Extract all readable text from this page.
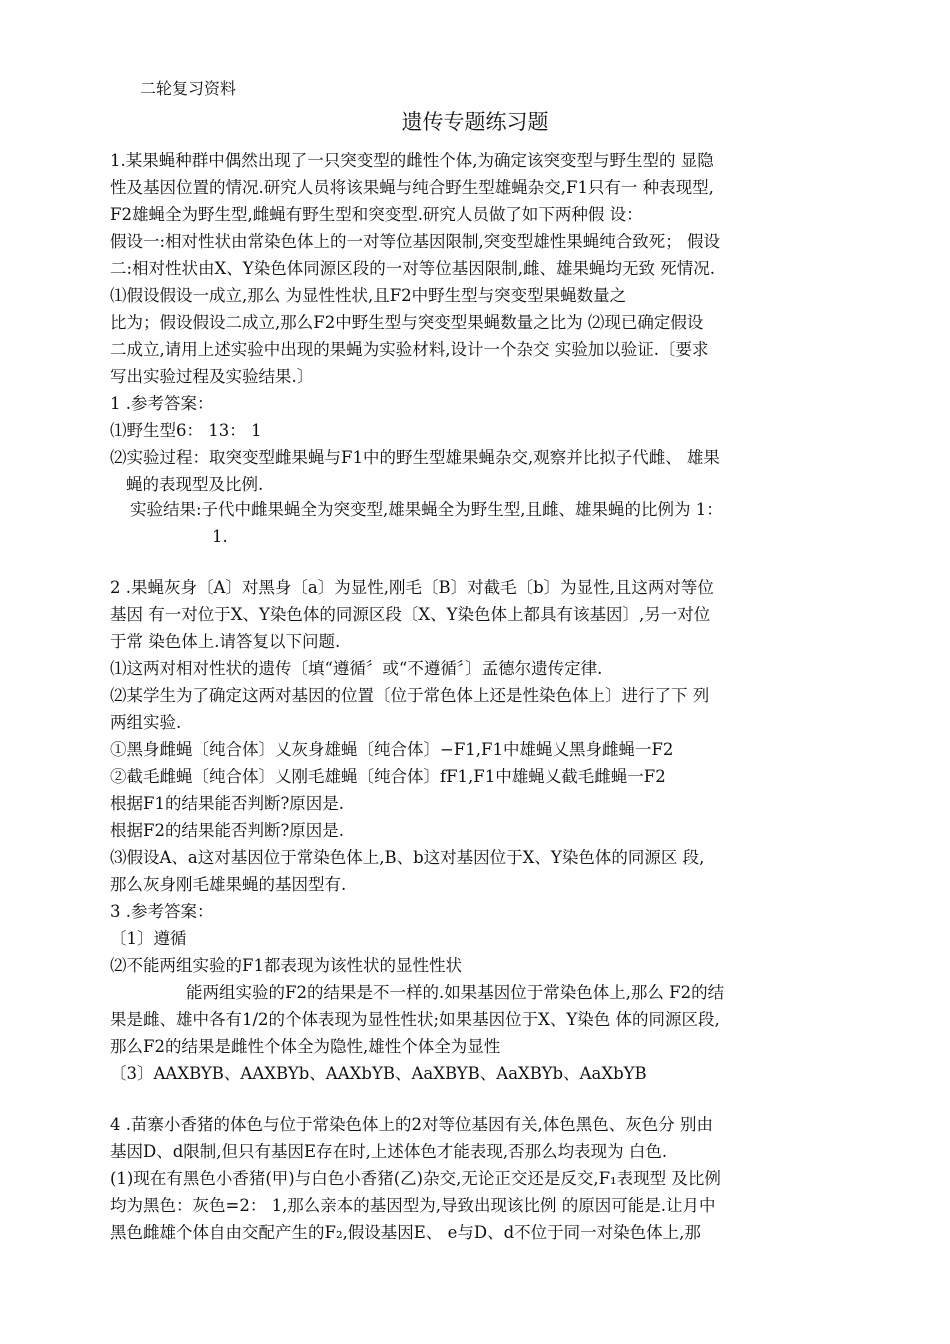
二轮复习资料
遗传专题练习题
1.某果蝇种群中偶然出现了一只突变型的雌性个体,为确定该突变型与野生型的 显隐
性及基因位置的情况.研究人员将该果蝇与纯合野生型雄蝇杂交,F1只有一 种表现型,
F2雄蝇全为野生型,雌蝇有野生型和突变型.研究人员做了如下两种假 设：
假设一:相对性状由常染色体上的一对等位基因限制,突变型雄性果蝇纯合致死； 假设
二:相对性状由X、Y染色体同源区段的一对等位基因限制,雌、雄果蝇均无致 死情况.
⑴假设假设一成立,那么 为显性性状,且F2中野生型与突变型果蝇数量之
比为；假设假设二成立,那么F2中野生型与突变型果蝇数量之比为 ⑵现已确定假设
二成立,请用上述实验中出现的果蝇为实验材料,设计一个杂交 实验加以验证.〔要求
写出实验过程及实验结果.〕
1 .参考答案：
⑴野生型6： 13： 1
⑵实验过程：取突变型雌果蝇与F1中的野生型雄果蝇杂交,观察并比拟子代雌、 雄果
蝇的表现型及比例.
实验结果:子代中雌果蝇全为突变型,雄果蝇全为野生型,且雌、雄果蝇的比例为 1：
1.
2 .果蝇灰身〔A〕对黑身〔a〕为显性,刚毛〔B〕对截毛〔b〕为显性,且这两对等位
基因 有一对位于X、Y染色体的同源区段〔X、Y染色体上都具有该基因〕,另一对位
于常 染色体上.请答复以下问题.
⑴这两对相对性状的遗传〔填“遵循〞或“不遵循〞〕孟德尔遗传定律.
⑵某学生为了确定这两对基因的位置〔位于常色体上还是性染色体上〕进行了下 列
两组实验.
①黑身雌蝇〔纯合体〕乂灰身雄蝇〔纯合体〕−F1,F1中雄蝇乂黑身雌蝇一F2
②截毛雌蝇〔纯合体〕乂刚毛雄蝇〔纯合体〕fF1,F1中雄蝇乂截毛雌蝇一F2
根据F1的结果能否判断?原因是.
根据F2的结果能否判断?原因是.
⑶假设A、a这对基因位于常染色体上,B、b这对基因位于X、Y染色体的同源区 段,
那么灰身刚毛雄果蝇的基因型有.
3 .参考答案：
〔1〕遵循
⑵不能两组实验的F1都表现为该性状的显性性状
能两组实验的F2的结果是不一样的.如果基因位于常染色体上,那么 F2的结
果是雌、雄中各有1/2的个体表现为显性性状;如果基因位于X、Y染色 体的同源区段,
那么F2的结果是雌性个体全为隐性,雄性个体全为显性
〔3〕AAXBYB、AAXBYb、AAXbYB、AaXBYB、AaXBYb、AaXbYB
4 .苗寨小香猪的体色与位于常染色体上的2对等位基因有关,体色黑色、灰色分 别由
基因D、d限制,但只有基因E存在时,上述体色才能表现,否那么均表现为 白色.
(1)现在有黑色小香猪(甲)与白色小香猪(乙)杂交,无论正交还是反交,F₁表现型 及比例
均为黑色：灰色=2： 1,那么亲本的基因型为,导致出现该比例 的原因可能是.让月中
黑色雌雄个体自由交配产生的F₂,假设基因E、 e与D、d不位于同一对染色体上,那
